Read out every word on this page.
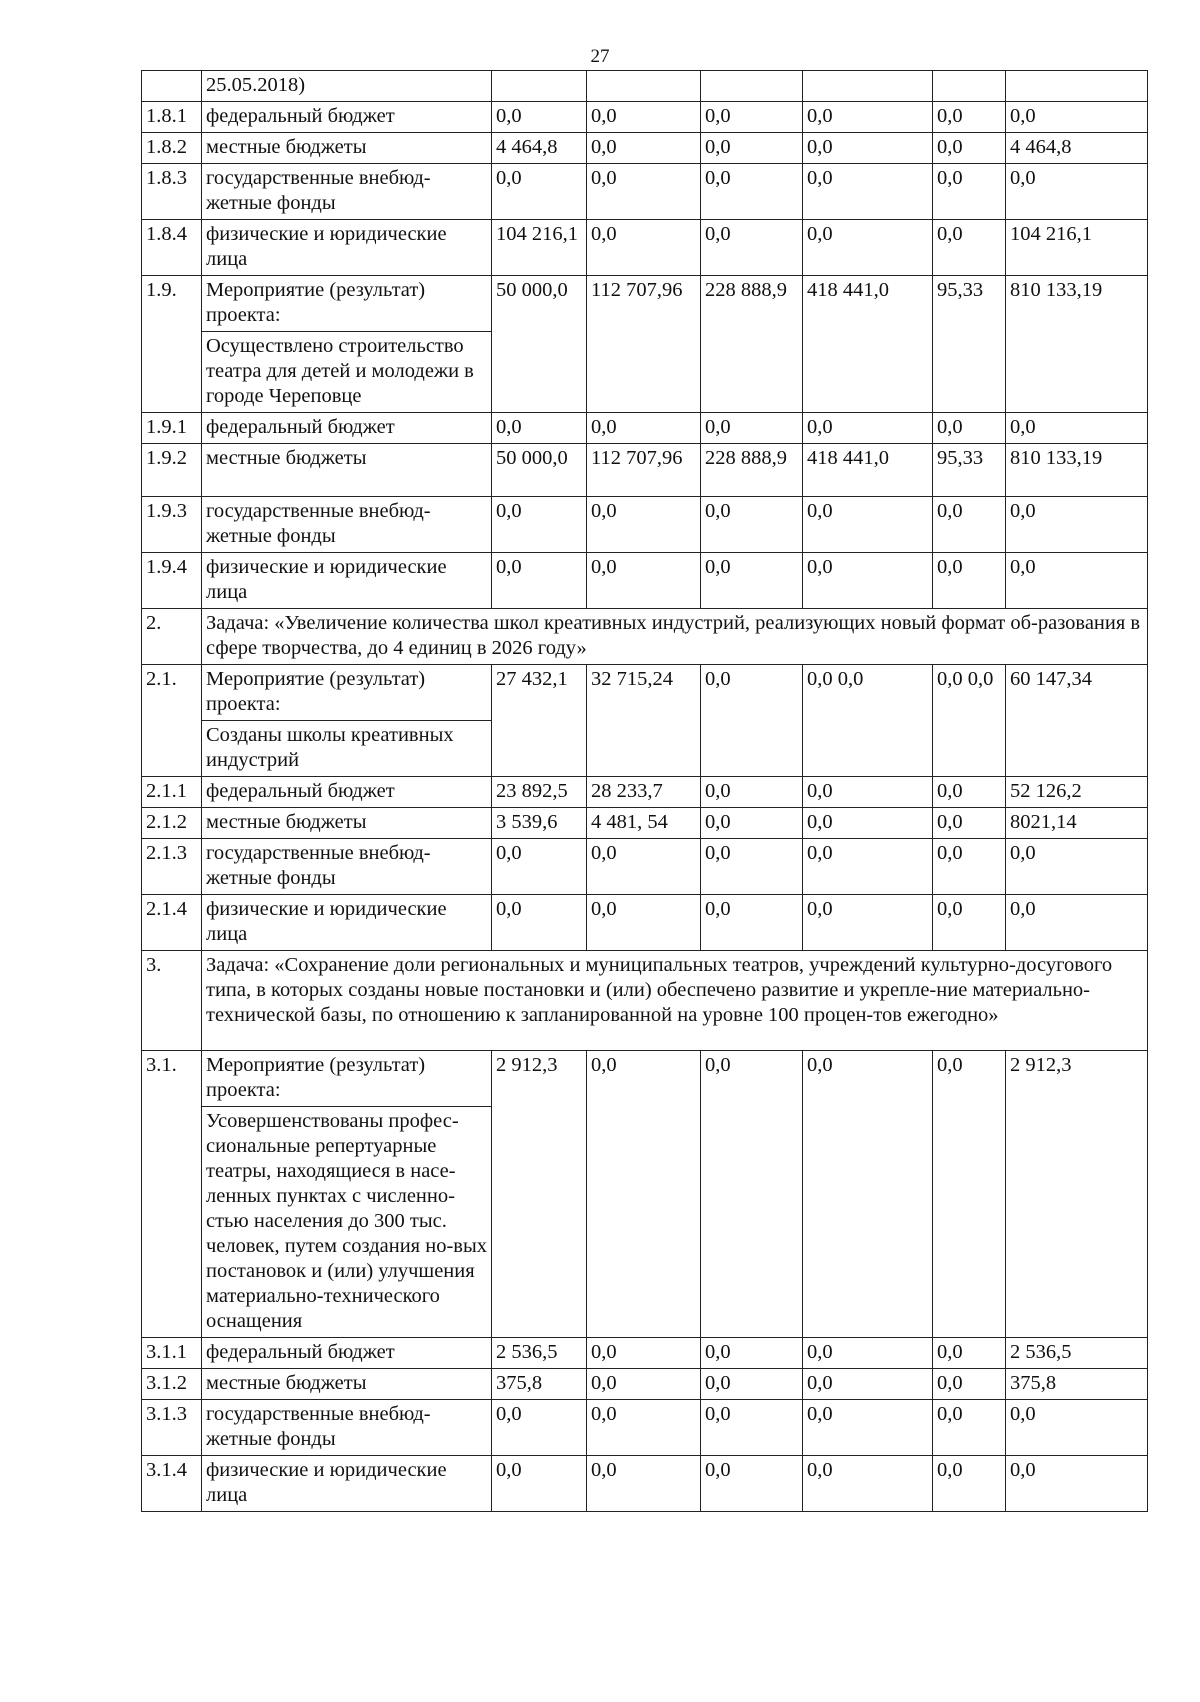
27
	25.05.2018)						
1.8.1	федеральный бюджет	0,0	0,0	0,0	0,0	0,0	0,0
1.8.2	местные бюджеты	4 464,8	0,0	0,0	0,0	0,0	4 464,8
1.8.3	государственные внебюд-жетные фонды	0,0	0,0	0,0	0,0	0,0	0,0
1.8.4	физические и юридические лица	104 216,1	0,0	0,0	0,0	0,0	104 216,1
1.9.	Мероприятие (результат) проекта:	50 000,0	112 707,96	228 888,9	418 441,0	95,33	810 133,19
	Осуществлено строительство театра для детей и молодежи в городе Череповце						
1.9.1	федеральный бюджет	0,0	0,0	0,0	0,0	0,0	0,0
1.9.2	местные бюджеты	50 000,0	112 707,96	228 888,9	418 441,0	95,33	810 133,19
1.9.3	государственные внебюд-жетные фонды	0,0	0,0	0,0	0,0	0,0	0,0
1.9.4	физические и юридические лица	0,0	0,0	0,0	0,0	0,0	0,0
2.	Задача: «Увеличение количества школ креативных индустрий, реализующих новый формат об-разования в сфере творчества, до 4 единиц в 2026 году»						
2.1.	Мероприятие (результат) проекта:	27 432,1	32 715,24	0,0	0,0 0,0	0,0 0,0	60 147,34
	Созданы школы креативных индустрий						
2.1.1	федеральный бюджет	23 892,5	28 233,7	0,0	0,0	0,0	52 126,2
2.1.2	местные бюджеты	3 539,6	4 481, 54	0,0	0,0	0,0	8021,14
2.1.3	государственные внебюд-жетные фонды	0,0	0,0	0,0	0,0	0,0	0,0
2.1.4	физические и юридические лица	0,0	0,0	0,0	0,0	0,0	0,0
3.	Задача: «Сохранение доли региональных и муниципальных театров, учреждений культурно-досугового типа, в которых созданы новые постановки и (или) обеспечено развитие и укрепле-ние материально-технической базы, по отношению к запланированной на уровне 100 процен-тов ежегодно»						
3.1.	Мероприятие (результат) проекта:	2 912,3	0,0	0,0	0,0	0,0	2 912,3
	Усовершенствованы профес-сиональные репертуарные театры, находящиеся в насе-ленных пунктах с численно-стью населения до 300 тыс. человек, путем создания но-вых постановок и (или) улучшения материально-технического оснащения						
3.1.1	федеральный бюджет	2 536,5	0,0	0,0	0,0	0,0	2 536,5
3.1.2	местные бюджеты	375,8	0,0	0,0	0,0	0,0	375,8
3.1.3	государственные внебюд-жетные фонды	0,0	0,0	0,0	0,0	0,0	0,0
3.1.4	физические и юридические лица	0,0	0,0	0,0	0,0	0,0	0,0
